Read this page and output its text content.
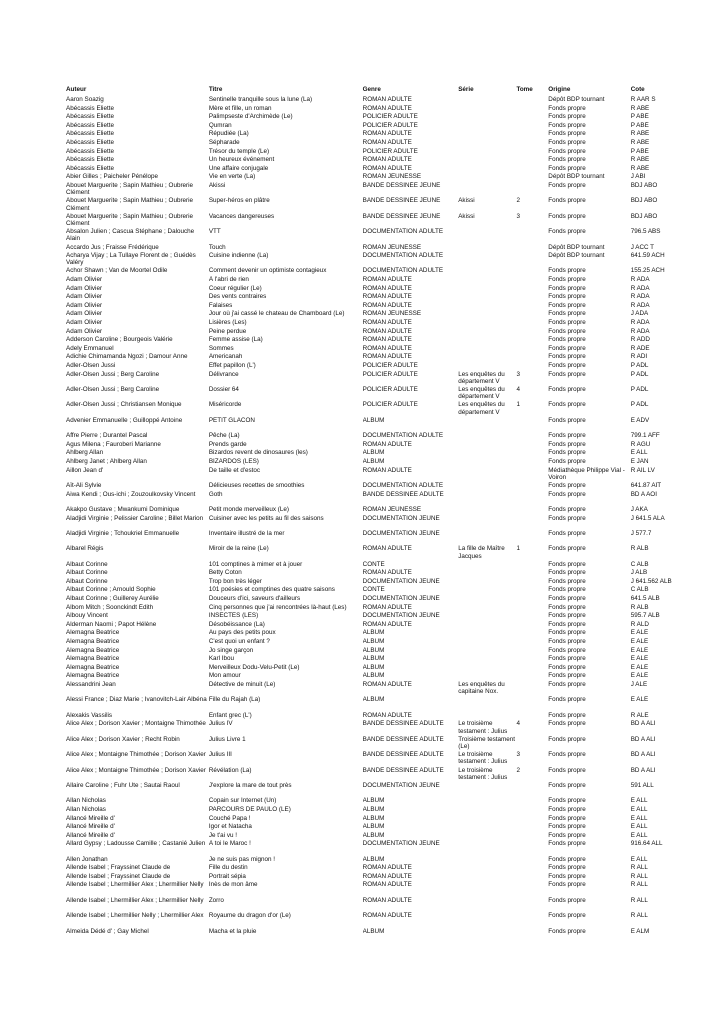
Auteur	Titre	Genre	Série	Tome	Origine	Cote
Aaron Soazig	Sentinelle tranquille sous la lune (La)	ROMAN ADULTE			Dépôt BDP tournant	R AAR S
Abécassis Eliette	Mère et fille, un roman	ROMAN ADULTE			Fonds propre	R ABÉ
Abécassis Eliette	Palimpseste d'Archimède (Le)	POLICIER ADULTE			Fonds propre	P ABÉ
Abécassis Eliette	Qumran	POLICIER ADULTE			Fonds propre	P ABÉ
Abécassis Eliette	Répudiée (La)	ROMAN ADULTE			Fonds propre	R ABÉ
Abécassis Eliette	Sépharade	ROMAN ADULTE			Fonds propre	R ABE
Abécassis Eliette	Trésor du temple (Le)	POLICIER ADULTE			Fonds propre	P ABÉ
Abécassis Eliette	Un heureux événement	ROMAN ADULTE			Fonds propre	R ABÉ
Abécassis Eliette	Une affaire conjugale	ROMAN ADULTE			Fonds propre	R ABÉ
Abier Gilles ; Paicheler Pénélope	Vie en verte (La)	ROMAN JEUNESSE			Dépôt BDP tournant	J ABI
Abouet Marguerite ; Sapin Mathieu ; Oubrerie Clément	Akissi	BANDE DESSINÉE JEUNE			Fonds propre	BDJ ABO
Abouet Marguerite ; Sapin Mathieu ; Oubrerie Clément	Super-héros en plâtre	BANDE DESSINÉE JEUNE	Akissi	2	Fonds propre	BDJ ABO
Abouet Marguerite ; Sapin Mathieu ; Oubrerie Clément	Vacances dangereuses	BANDE DESSINÉE JEUNE	Akissi	3	Fonds propre	BDJ ABO
Absalon Julien ; Cascua Stéphane ; Dalouche Alain	VTT	DOCUMENTATION ADULTE			Fonds propre	796.5 ABS
Accardo Jus ; Fraisse Frédérique	Touch	ROMAN JEUNESSE			Dépôt BDP tournant	J ACC T
Acharya Vijay ; La Tullaye Florent de ; Guédès Valéry	Cuisine indienne (La)	DOCUMENTATION ADULTE			Dépôt BDP tournant	641.59 ACH
Achor Shawn ; Van de Moortel Odile	Comment devenir un optimiste contagieux	DOCUMENTATION ADULTE			Fonds propre	155.25 ACH
Adam Olivier	À l'abri de rien	ROMAN ADULTE			Fonds propre	R ADA
Adam Olivier	Coeur régulier (Le)	ROMAN ADULTE			Fonds propre	R ADA
Adam Olivier	Des vents contraires	ROMAN ADULTE			Fonds propre	R ADA
Adam Olivier	Falaises	ROMAN ADULTE			Fonds propre	R ADA
Adam Olivier	Jour où j'ai cassé le chateau de Chamboard (Le)	ROMAN JEUNESSE			Fonds propre	J ADA
Adam Olivier	Lisières (Les)	ROMAN ADULTE			Fonds propre	R ADA
Adam Olivier	Peine perdue	ROMAN ADULTE			Fonds propre	R ADA
Adderson Caroline ; Bourgeois Valérie	Femme assise (La)	ROMAN ADULTE			Fonds propre	R ADD
Adely Emmanuel	Sommes	ROMAN ADULTE			Fonds propre	R ADE
Adichie Chimamanda Ngozi ; Damour Anne	Americanah	ROMAN ADULTE			Fonds propre	R ADI
Adler-Olsen Jussi	Effet papillon (L')	POLICIER ADULTE			Fonds propre	P ADL
Adler-Olsen Jussi ; Berg Caroline	Délivrance	POLICIER ADULTE	Les enquêtes du département V	3	Fonds propre	P ADL
Adler-Olsen Jussi ; Berg Caroline	Dossier 64	POLICIER ADULTE	Les enquêtes du département V	4	Fonds propre	P ADL
Adler-Olsen Jussi ; Christiansen Monique	Miséricorde	POLICIER ADULTE	Les enquêtes du département V	1	Fonds propre	P ADL
Advenier Emmanuelle ; Guilloppé Antoine	PETIT GLACON	ALBUM			Fonds propre	E ADV
Affre Pierre ; Durantel Pascal	Pêche (La)	DOCUMENTATION ADULTE			Fonds propre	799.1 AFF
Agus Milena ; Fauroberi Marianne	Prends garde	ROMAN ADULTE			Fonds propre	R AGU
Ahlberg Allan	Bizardos revent de dinosaures (les)	ALBUM			Fonds propre	E ALL
Ahlberg Janet ; Ahlberg Allan	BIZARDOS (LES)	ALBUM			Fonds propre	E JAN
Aillon Jean d'	De taille et d'estoc	ROMAN ADULTE			Médiathèque Philippe Vial - Voiron	R AIL LV
Aït-Ali Sylvie	Délicieuses recettes de smoothies	DOCUMENTATION ADULTE			Fonds propre	641.87 AÏT
Aiwa Kendi ; Ous-ichi ; Zouzoulkovsky Vincent	Goth	BANDE DESSINÉE ADULTE			Fonds propre	BD A AOI
Akakpo Gustave ; Mwankumi Dominique	Petit monde merveilleux (Le)	ROMAN JEUNESSE			Fonds propre	J AKA
Aladjidi Virginie ; Pelissier Caroline ; Billet Marion	Cuisiner avec les petits au fil des saisons	DOCUMENTATION JEUNE			Fonds propre	J 641.5 ALA
Aladjidi Virginie ; Tchoukriel Emmanuelle	Inventaire illustré de la mer	DOCUMENTATION JEUNE			Fonds propre	J 577.7
Albarel Régis	Miroir de la reine (Le)	ROMAN ADULTE	La fille de Maître Jacques	1	Fonds propre	R ALB
Albaut Corinne	101 comptines à mimer et à jouer	CONTE			Fonds propre	C ALB
Albaut Corinne	Betty Coton	ROMAN ADULTE			Fonds propre	J ALB
Albaut Corinne	Trop bon très léger	DOCUMENTATION JEUNE			Fonds propre	J 641.562 ALB
Albaut Corinne ; Arnould Sophie	101 poésies et comptines des quatre saisons	CONTE			Fonds propre	C ALB
Albaut Corinne ; Guillerey Aurélie	Douceurs d'ici, saveurs d'ailleurs	DOCUMENTATION JEUNE			Fonds propre	641.5 ALB
Albom Mitch ; Soonckindt Édith	Cinq personnes que j'ai rencontrées là-haut (Les)	ROMAN ADULTE			Fonds propre	R ALB
Albouy Vincent	INSECTES (LES)	DOCUMENTATION JEUNE			Fonds propre	595.7 ALB
Alderman Naomi ; Papot Hélène	Désobéissance (La)	ROMAN ADULTE			Fonds propre	R ALD
Alemagna Beatrice	Au pays des petits poux	ALBUM			Fonds propre	E ALE
Alemagna Beatrice	C'est quoi un enfant ?	ALBUM			Fonds propre	E ALE
Alemagna Beatrice	Jo singe garçon	ALBUM			Fonds propre	E ALE
Alemagna Beatrice	Karl Ibou	ALBUM			Fonds propre	E ALE
Alemagna Beatrice	Merveilleux Dodu-Velu-Petit (Le)	ALBUM			Fonds propre	E ALE
Alemagna Beatrice	Mon amour	ALBUM			Fonds propre	E ALE
Alessandrini Jean	Détective de minuit (Le)	ROMAN ADULTE	Les enquêtes du capitaine Nox.		Fonds propre	J ALE
Alessi France ; Diaz Marie ; Ivanovitch-Lair Albéna	Fille du Rajah (La)	ALBUM			Fonds propre	E ALE
Alexakis Vassilis	Enfant grec (L')	ROMAN ADULTE			Fonds propre	R ALE
Alice Alex ; Dorison Xavier ; Montaigne Thimothée	Julius IV	BANDE DESSINÉE ADULTE	Le troisième testament : Julius	4	Fonds propre	BD A ALI
Alice Alex ; Dorison Xavier ; Recht Robin	Julius Livre 1	BANDE DESSINÉE ADULTE	Troisième testament (Le)		Fonds propre	BD A ALI
Alice Alex ; Montaigne Thimothée ; Dorison Xavier	Julius III	BANDE DESSINÉE ADULTE	Le troisième testament : Julius	3	Fonds propre	BD A ALI
Alice Alex ; Montaigne Thimothée ; Dorison Xavier	Révélation (La)	BANDE DESSINÉE ADULTE	Le troisième testament : Julius	2	Fonds propre	BD A ALI
Allaire Caroline ; Fuhr Ute ; Sautai Raoul	J'explore la mare de tout près	DOCUMENTATION JEUNE			Fonds propre	591 ALL
Allan Nicholas	Copain sur Internet (Un)	ALBUM			Fonds propre	E ALL
Allan Nicholas	PARCOURS DE PAULO (LE)	ALBUM			Fonds propre	E ALL
Allancé Mireille d'	Couché Papa !	ALBUM			Fonds propre	E ALL
Allancé Mireille d'	Igor et Natacha	ALBUM			Fonds propre	E ALL
Allancé Mireille d'	Je t'ai vu !	ALBUM			Fonds propre	E ALL
Allard Gypsy ; Ladousse Camille ; Castanié Julien	À toi le Maroc !	DOCUMENTATION JEUNE			Fonds propre	916.64 ALL
Allen Jonathan	Je ne suis pas mignon !	ALBUM			Fonds propre	E ALL
Allende Isabel ; Frayssinet Claude de	Fille du destin	ROMAN ADULTE			Fonds propre	R ALL
Allende Isabel ; Frayssinet Claude de	Portrait sépia	ROMAN ADULTE			Fonds propre	R ALL
Allende Isabel ; Lhermillier Alex ; Lhermillier Nelly	Inès de mon âme	ROMAN ADULTE			Fonds propre	R ALL
Allende Isabel ; Lhermillier Alex ; Lhermillier Nelly	Zorro	ROMAN ADULTE			Fonds propre	R ALL
Allende Isabel ; Lhermillier Nelly ; Lhermillier Alex	Royaume du dragon d'or (Le)	ROMAN ADULTE			Fonds propre	R ALL
Almeida Dédé d' ; Gay Michel	Macha et la pluie	ALBUM			Fonds propre	E ALM
